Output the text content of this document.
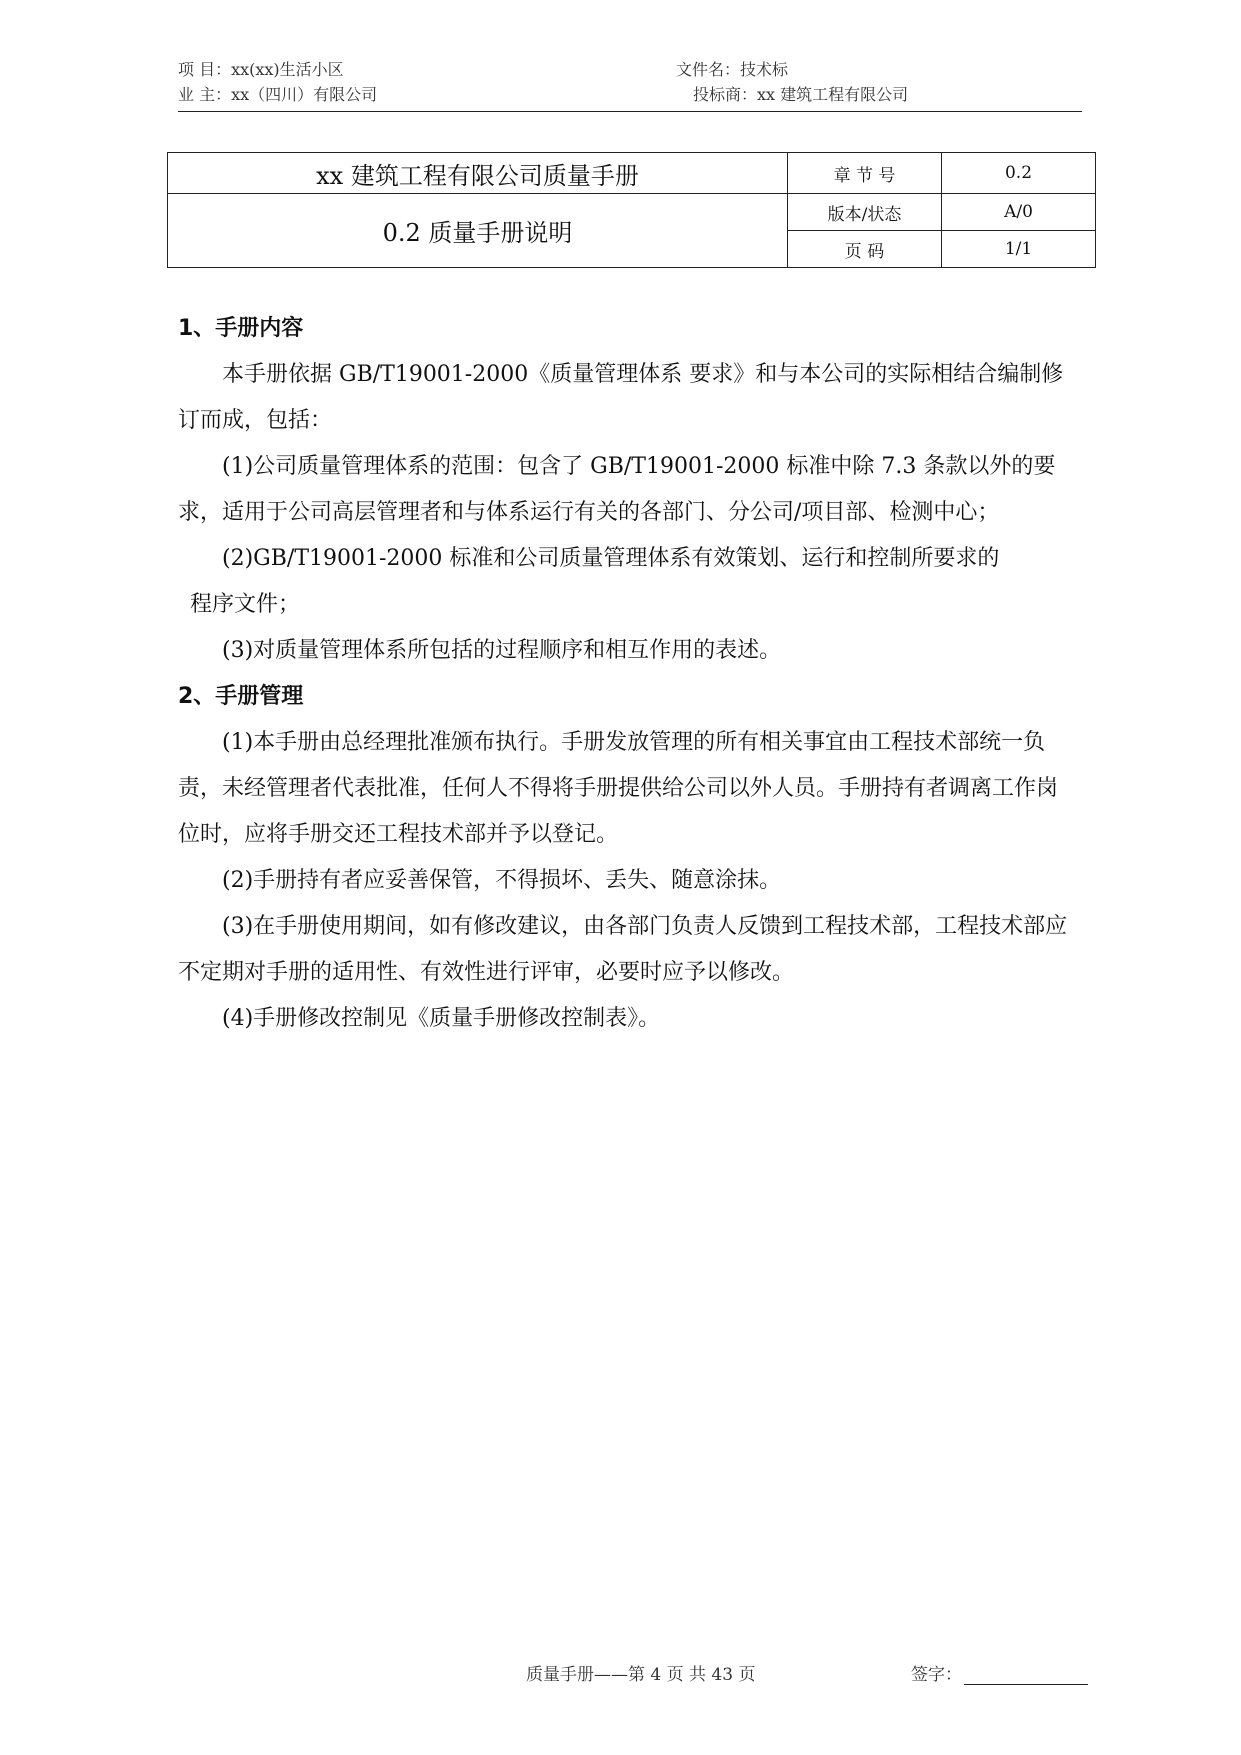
项 目：xx(xx)生活小区
业 主：xx（四川）有限公司
文件名：技术标
投标商：xx 建筑工程有限公司
xx 建筑工程有限公司质量手册	章 节 号	0.2
0.2 质量手册说明	版本/状态	A/0
	页 码	1/1

1、手册内容

本手册依据 GB/T19001-2000《质量管理体系 要求》和与本公司的实际相结合编制修订而成，包括：

(1)公司质量管理体系的范围：包含了 GB/T19001-2000 标准中除 7.3 条款以外的要求，适用于公司高层管理者和与体系运行有关的各部门、分公司/项目部、检测中心；

(2)GB/T19001-2000 标准和公司质量管理体系有效策划、运行和控制所要求的

程序文件；

(3)对质量管理体系所包括的过程顺序和相互作用的表述。

2、手册管理

(1)本手册由总经理批准颁布执行。手册发放管理的所有相关事宜由工程技术部统一负责，未经管理者代表批准，任何人不得将手册提供给公司以外人员。手册持有者调离工作岗位时，应将手册交还工程技术部并予以登记。

(2)手册持有者应妥善保管，不得损坏、丢失、随意涂抹。

(3)在手册使用期间，如有修改建议，由各部门负责人反馈到工程技术部，工程技术部应不定期对手册的适用性、有效性进行评审，必要时应予以修改。

(4)手册修改控制见《质量手册修改控制表》。

质量手册——第 4 页 共 43 页	签字：
